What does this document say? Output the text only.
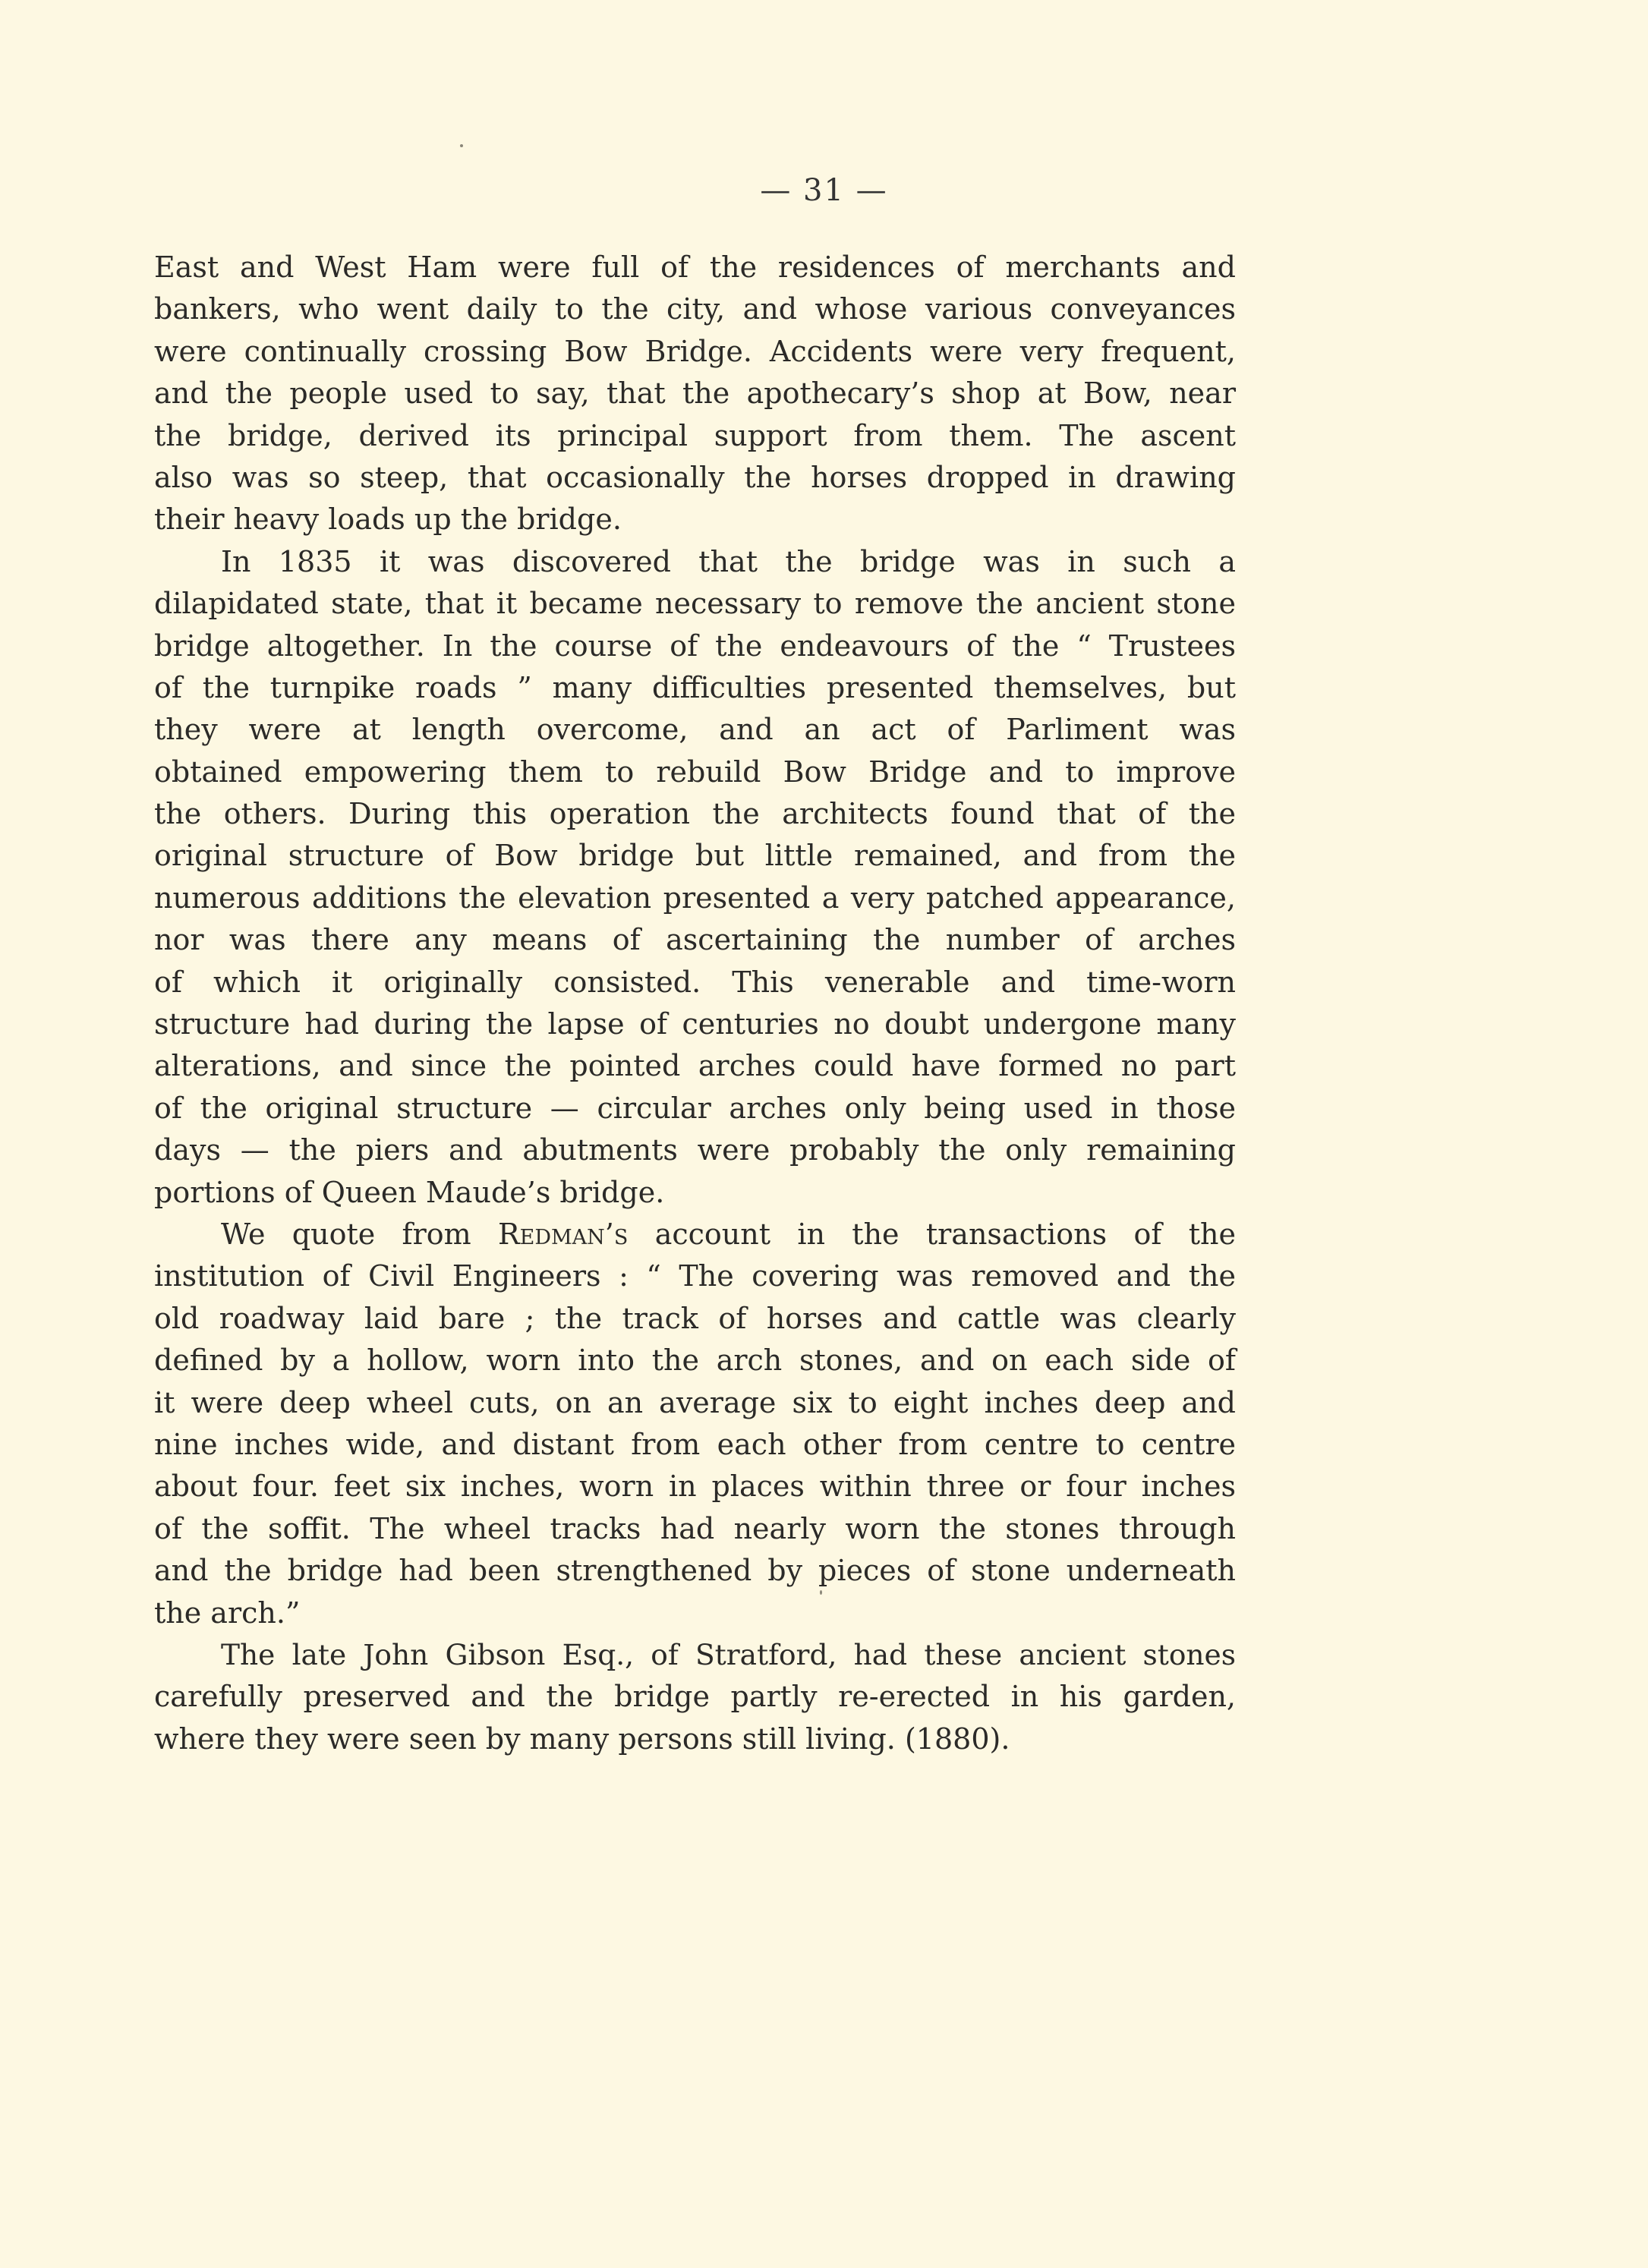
— 31 —
East and West Ham were full of the residences of merchants and
bankers, who went daily to the city, and whose various conveyances
were continually crossing Bow Bridge. Accidents were very frequent,
and the people used to say, that the apothecary’s shop at Bow, near
the bridge, derived its principal support from them. The ascent
also was so steep, that occasionally the horses dropped in drawing
their heavy loads up the bridge.
In 1835 it was discovered that the bridge was in such a
dilapidated state, that it became necessary to remove the ancient stone
bridge altogether. In the course of the endeavours of the “ Trustees
of the turnpike roads ” many difficulties presented themselves, but
they were at length overcome, and an act of Parliment was
obtained empowering them to rebuild Bow Bridge and to improve
the others. During this operation the architects found that of the
original structure of Bow bridge but little remained, and from the
numerous additions the elevation presented a very patched appearance,
nor was there any means of ascertaining the number of arches
of which it originally consisted. This venerable and time-worn
structure had during the lapse of centuries no doubt undergone many
alterations, and since the pointed arches could have formed no part
of the original structure — circular arches only being used in those
days — the piers and abutments were probably the only remaining
portions of Queen Maude’s bridge.
We quote from Redman’s account in the transactions of the
institution of Civil Engineers : “ The covering was removed and the
old roadway laid bare ; the track of horses and cattle was clearly
defined by a hollow, worn into the arch stones, and on each side of
it were deep wheel cuts, on an average six to eight inches deep and
nine inches wide, and distant from each other from centre to centre
about four. feet six inches, worn in places within three or four inches
of the soffit. The wheel tracks had nearly worn the stones through
and the bridge had been strengthened by pieces of stone underneath
the arch.”
The late John Gibson Esq., of Stratford, had these ancient stones
carefully preserved and the bridge partly re-erected in his garden,
where they were seen by many persons still living. (1880).
